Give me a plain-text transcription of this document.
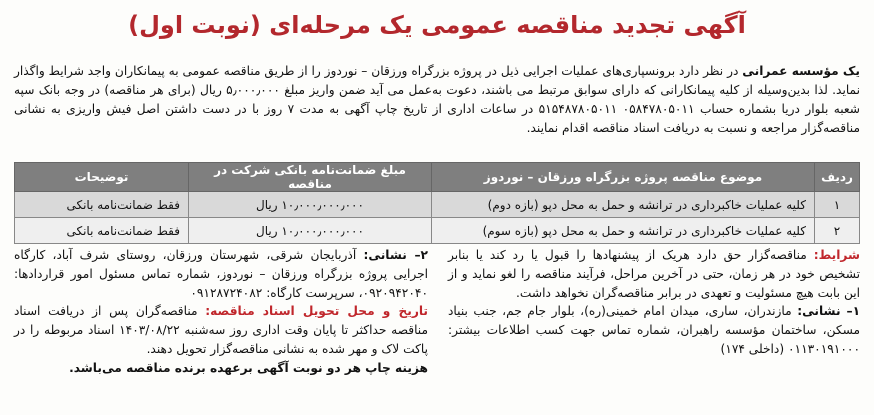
آگهی تجدید مناقصه عمومی یک مرحله‌ای (نوبت اول)

یک مؤسسه عمرانی در نظر دارد برونسپاری‌های عملیات اجرایی ذیل در پروژه بزرگراه ورزقان – نوردوز را از طریق مناقصه عمومی به پیمانکاران واجد شرایط واگذار نماید. لذا بدین‌وسیله از کلیه پیمانکارانی که دارای سوابق مرتبط می باشند، دعوت به‌عمل می آید ضمن واریز مبلغ ۵٫۰۰۰٫۰۰۰ ریال (برای هر مناقصه) در وجه بانک سپه شعبه بلوار دریا بشماره حساب ۰۵۸۴۷۸۰۵۰۱۱ ۵۱۵۴۸۷۸۰۵۰۱۱ در ساعات اداری از تاریخ چاپ آگهی به مدت ۷ روز با در دست داشتن اصل فیش واریزی به نشانی مناقصه‌گزار مراجعه و نسبت به دریافت اسناد مناقصه اقدام نمایند.

ردیف	موضوع مناقصه پروژه بزرگراه ورزقان – نوردوز	مبلغ ضمانت‌نامه بانکی شرکت در مناقصه	توضیحات
۱	کلیه عملیات خاکبرداری در ترانشه و حمل به محل دپو (بازه دوم)	۱۰٫۰۰۰٫۰۰۰٫۰۰۰ ریال	فقط ضمانت‌نامه بانکی
۲	کلیه عملیات خاکبرداری در ترانشه و حمل به محل دپو (بازه سوم)	۱۰٫۰۰۰٫۰۰۰٫۰۰۰ ریال	فقط ضمانت‌نامه بانکی

شرایط: مناقصه‌گزار حق دارد هریک از پیشنهادها را قبول یا رد کند یا بنابر تشخیص خود در هر زمان، حتی در آخرین مراحل، فرآیند مناقصه را لغو نماید و از این بابت هیچ مسئولیت و تعهدی در برابر مناقصه‌گران نخواهد داشت.

۱– نشانی: مازندران، ساری، میدان امام خمینی(ره)، بلوار جام جم، جنب بنیاد مسکن، ساختمان مؤسسه راهبران، شماره تماس جهت کسب اطلاعات بیشتر: ۰۱۱۳۰۱۹۱۰۰۰ (داخلی ۱۷۴)

۲– نشانی: آذربایجان شرقی، شهرستان ورزقان، روستای شرف آباد، کارگاه اجرایی پروژه بزرگراه ورزقان – نوردوز، شماره تماس مسئول امور قراردادها: ۰۹۲۰۹۴۲۰۴۰، سرپرست کارگاه: ۰۹۱۲۸۷۲۴۰۸۲

تاریخ و محل تحویل اسناد مناقصه: مناقصه‌گران پس از دریافت اسناد مناقصه حداکثر تا پایان وقت اداری روز سه‌شنبه ۱۴۰۳/۰۸/۲۲ اسناد مربوطه را در پاکت لاک و مهر شده به نشانی مناقصه‌گزار تحویل دهند.

هزینه چاپ هر دو نوبت آگهی برعهده برنده مناقصه می‌باشد.
